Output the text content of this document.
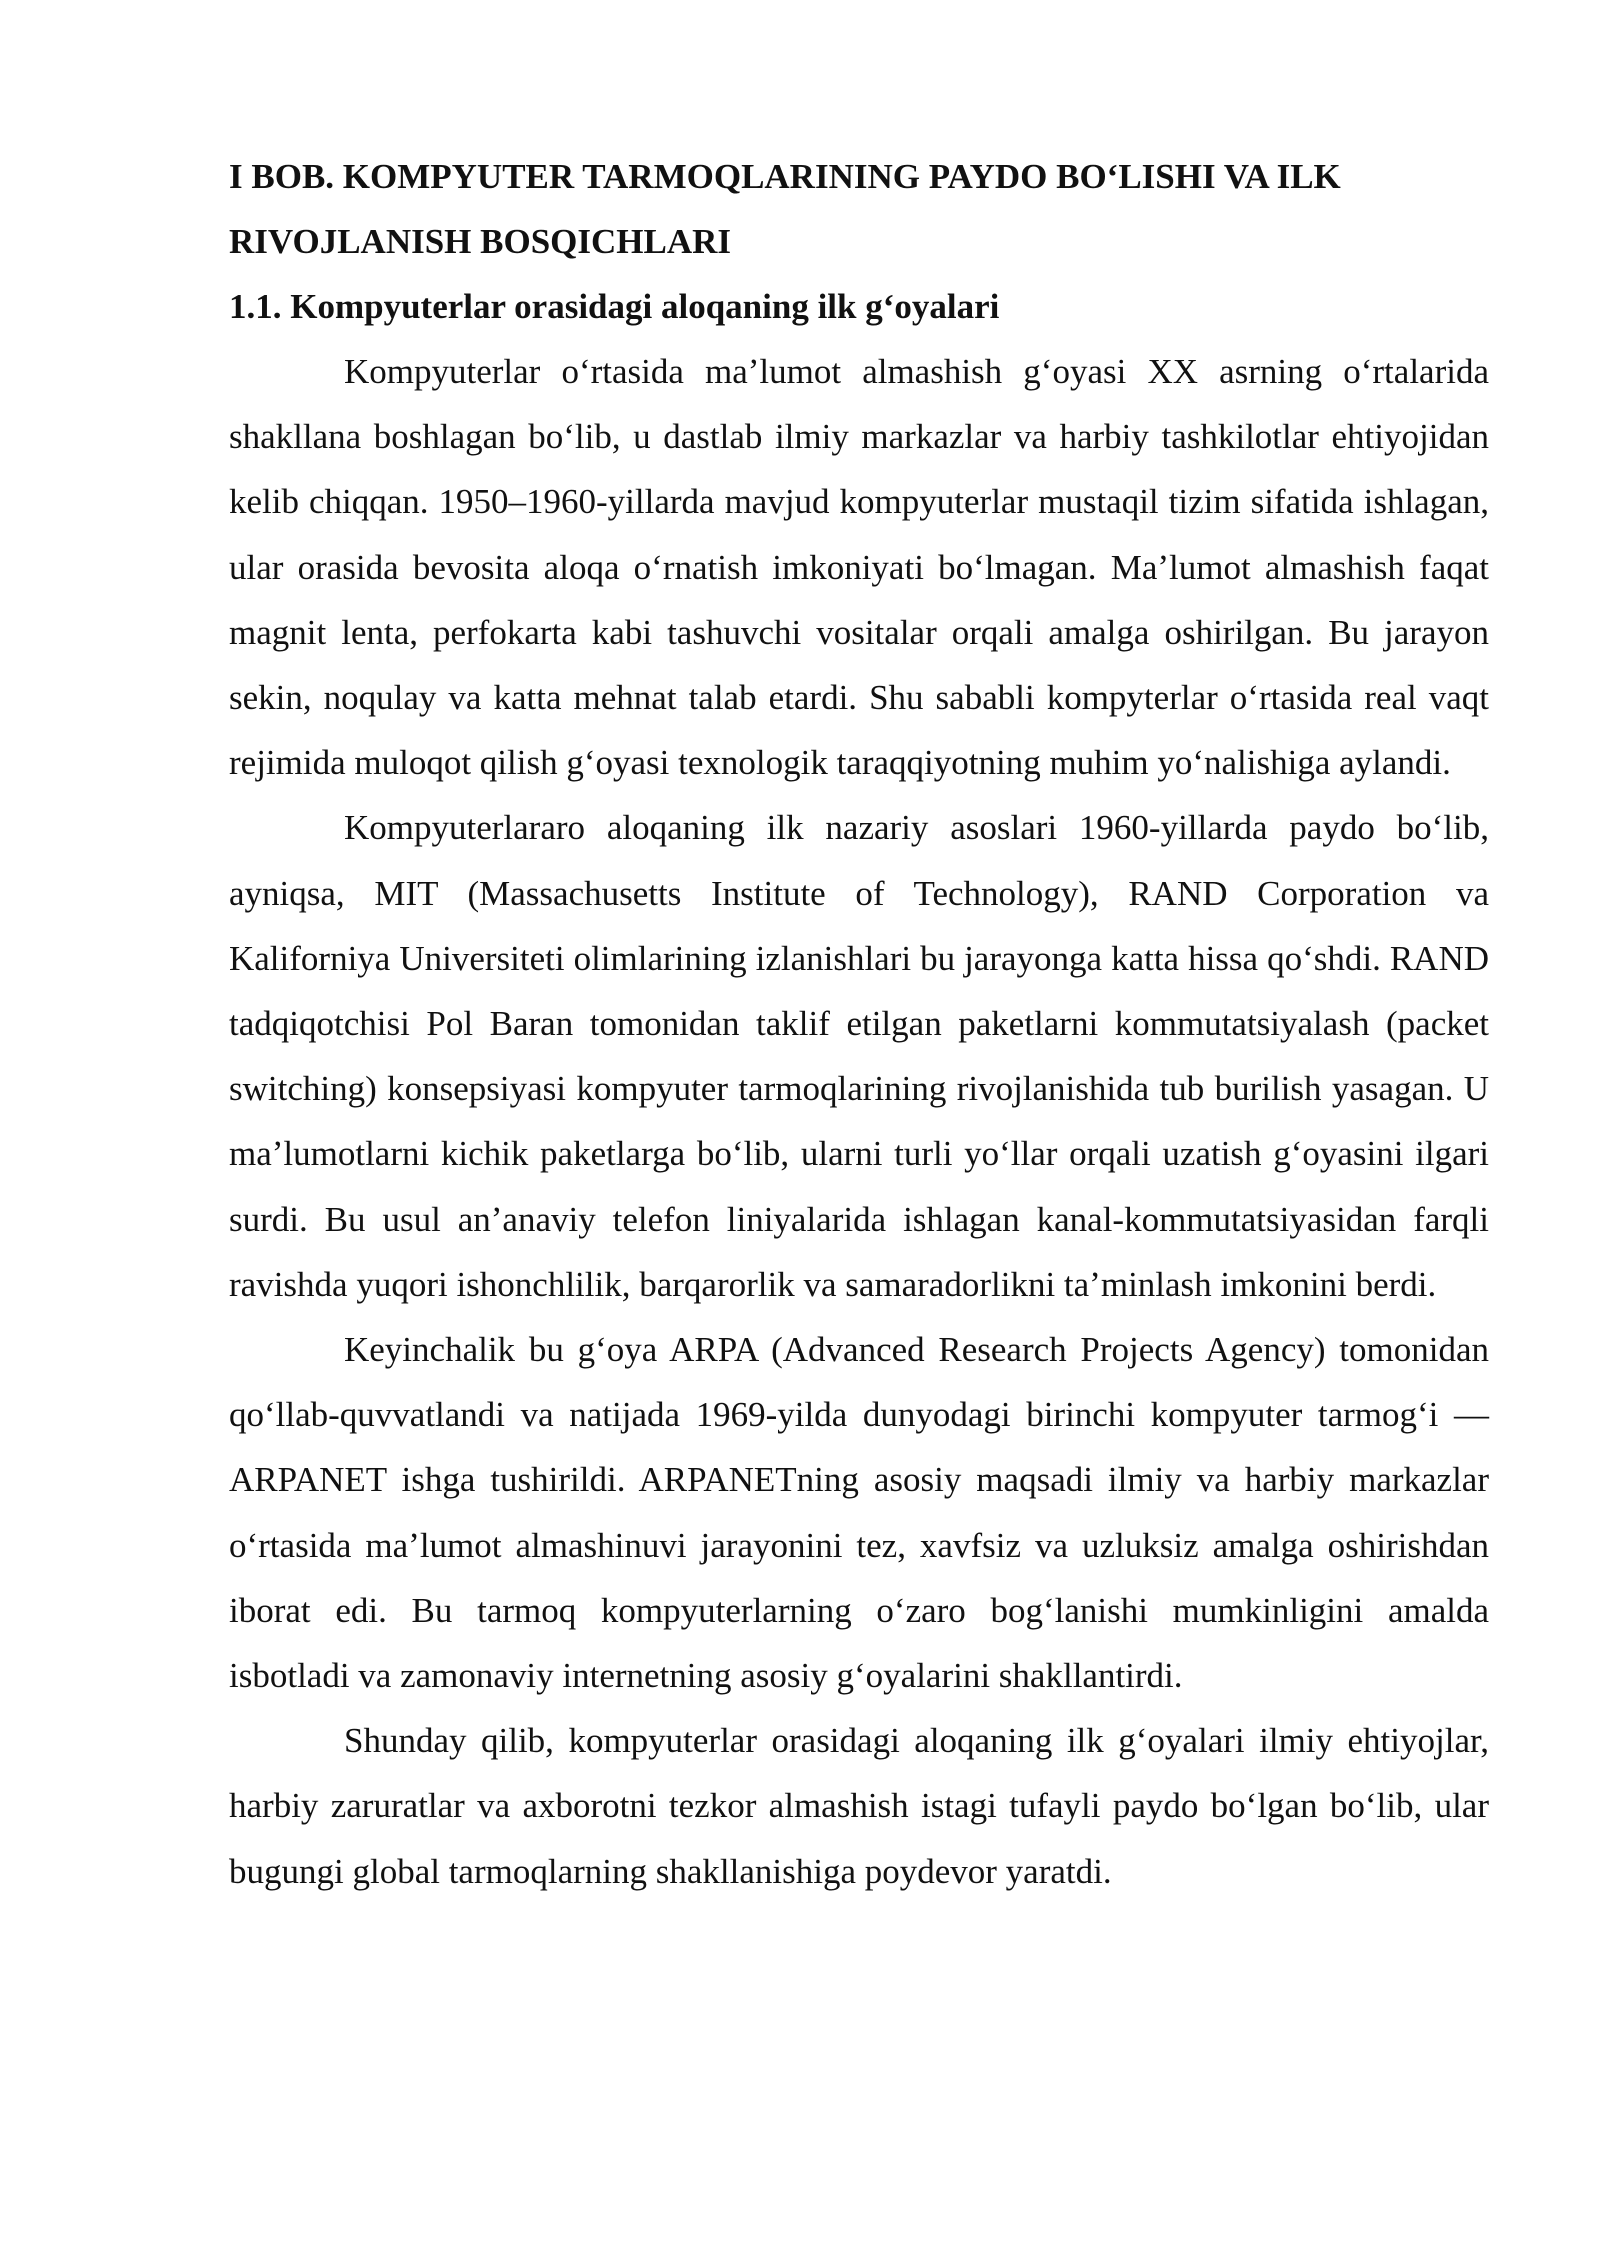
I BOB. KOMPYUTER TARMOQLARINING PAYDO BOʻLISHI VA ILK RIVOJLANISH BOSQICHLARI
1.1. Kompyuterlar orasidagi aloqaning ilk gʻoyalari

Kompyuterlar oʻrtasida maʼlumot almashish gʻoyasi XX asrning oʻrtalarida shakllana boshlagan boʻlib, u dastlab ilmiy markazlar va harbiy tashkilotlar ehtiyojidan kelib chiqqan. 1950–1960-yillarda mavjud kompyuterlar mustaqil tizim sifatida ishlagan, ular orasida bevosita aloqa oʻrnatish imkoniyati boʻlmagan. Maʼlumot almashish faqat magnit lenta, perfokarta kabi tashuvchi vositalar orqali amalga oshirilgan. Bu jarayon sekin, noqulay va katta mehnat talab etardi. Shu sababli kompyterlar oʻrtasida real vaqt rejimida muloqot qilish gʻoyasi texnologik taraqqiyotning muhim yoʻnalishiga aylandi.

Kompyuterlararo aloqaning ilk nazariy asoslari 1960-yillarda paydo boʻlib, ayniqsa, MIT (Massachusetts Institute of Technology), RAND Corporation va Kaliforniya Universiteti olimlarining izlanishlari bu jarayonga katta hissa qoʻshdi. RAND tadqiqotchisi Pol Baran tomonidan taklif etilgan paketlarni kommutatsiyalash (packet switching) konsepsiyasi kompyuter tarmoqlarining rivojlanishida tub burilish yasagan. U maʼlumotlarni kichik paketlarga boʻlib, ularni turli yoʻllar orqali uzatish gʻoyasini ilgari surdi. Bu usul anʼanaviy telefon liniyalarida ishlagan kanal-kommutatsiyasidan farqli ravishda yuqori ishonchlilik, barqarorlik va samaradorlikni taʼminlash imkonini berdi.

Keyinchalik bu gʻoya ARPA (Advanced Research Projects Agency) tomonidan qoʻllab-quvvatlandi va natijada 1969-yilda dunyodagi birinchi kompyuter tarmogʻi — ARPANET ishga tushirildi. ARPANETning asosiy maqsadi ilmiy va harbiy markazlar oʻrtasida maʼlumot almashinuvi jarayonini tez, xavfsiz va uzluksiz amalga oshirishdan iborat edi. Bu tarmoq kompyuterlarning oʻzaro bogʻlanishi mumkinligini amalda isbotladi va zamonaviy internetning asosiy gʻoyalarini shakllantirdi.

Shunday qilib, kompyuterlar orasidagi aloqaning ilk gʻoyalari ilmiy ehtiyojlar, harbiy zaruratlar va axborotni tezkor almashish istagi tufayli paydo boʻlgan boʻlib, ular bugungi global tarmoqlarning shakllanishiga poydevor yaratdi.
